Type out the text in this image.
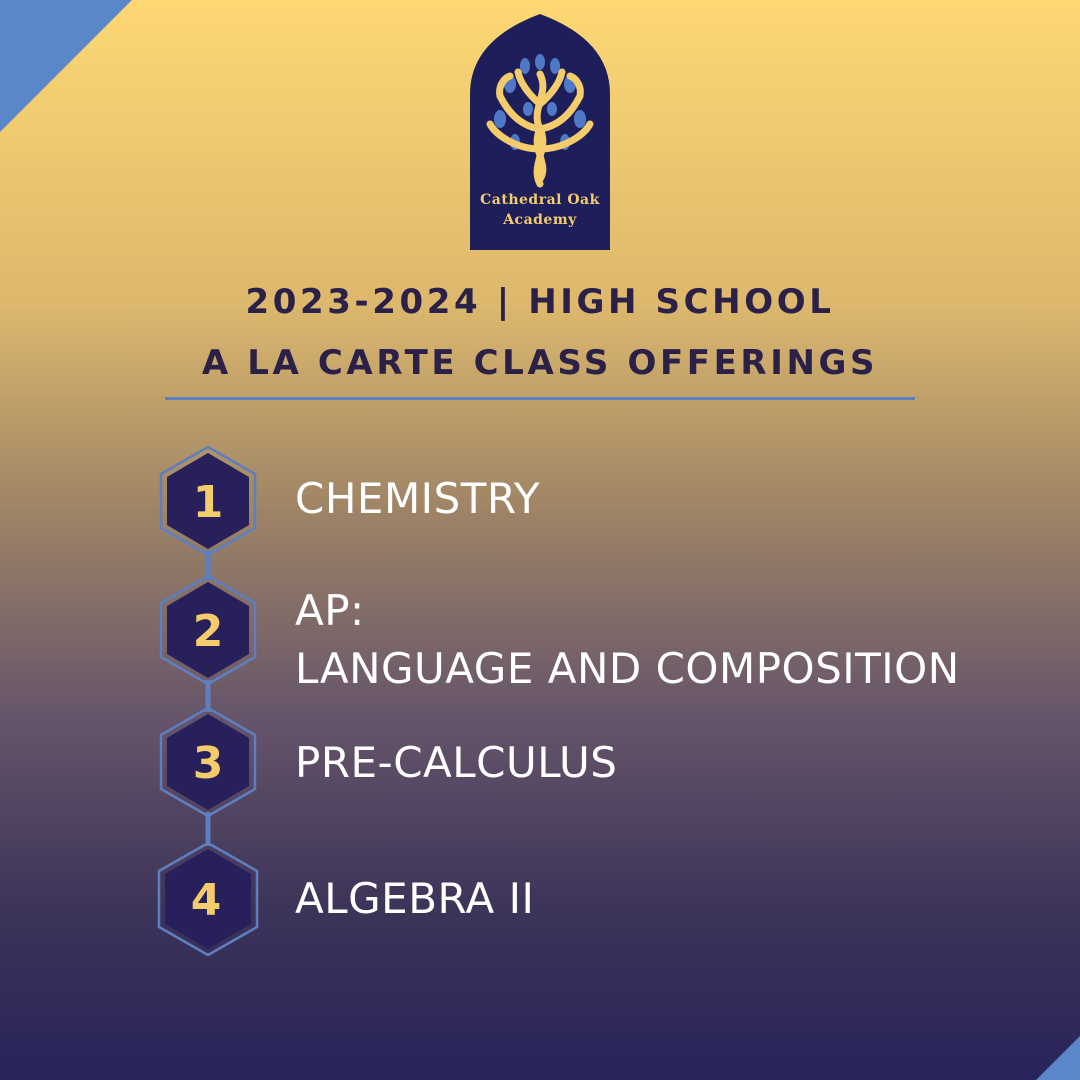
Cathedral Oak
Academy
2023-2024 | HIGH SCHOOL
A LA CARTE CLASS OFFERINGS
1
2
3
4
CHEMISTRY
AP:
LANGUAGE AND COMPOSITION
PRE-CALCULUS
ALGEBRA II
